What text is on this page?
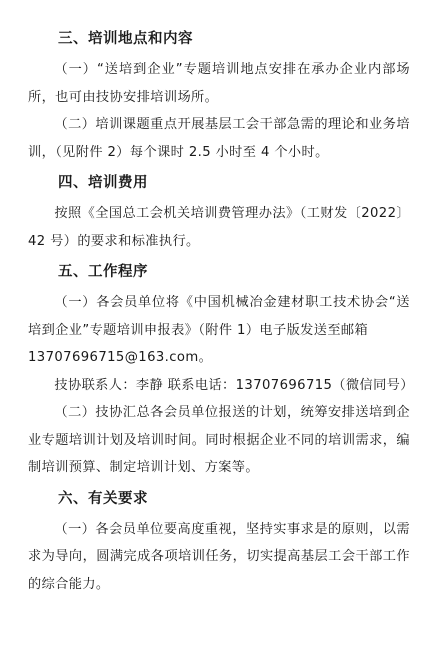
三、培训地点和内容

（一）“送培到企业”专题培训地点安排在承办企业内部场所，也可由技协安排培训场所。

（二）培训课题重点开展基层工会干部急需的理论和业务培训，（见附件 2）每个课时 2.5 小时至 4 个小时。

四、培训费用

按照《全国总工会机关培训费管理办法》（工财发〔2022〕42 号）的要求和标准执行。

五、工作程序

（一）各会员单位将《中国机械冶金建材职工技术协会“送培到企业”专题培训申报表》（附件 1）电子版发送至邮箱

13707696715@163.com。

技协联系人：李静 联系电话：13707696715（微信同号）

（二）技协汇总各会员单位报送的计划，统筹安排送培到企业专题培训计划及培训时间。同时根据企业不同的培训需求，编制培训预算、制定培训计划、方案等。

六、有关要求

（一）各会员单位要高度重视，坚持实事求是的原则，以需求为导向，圆满完成各项培训任务，切实提高基层工会干部工作的综合能力。
